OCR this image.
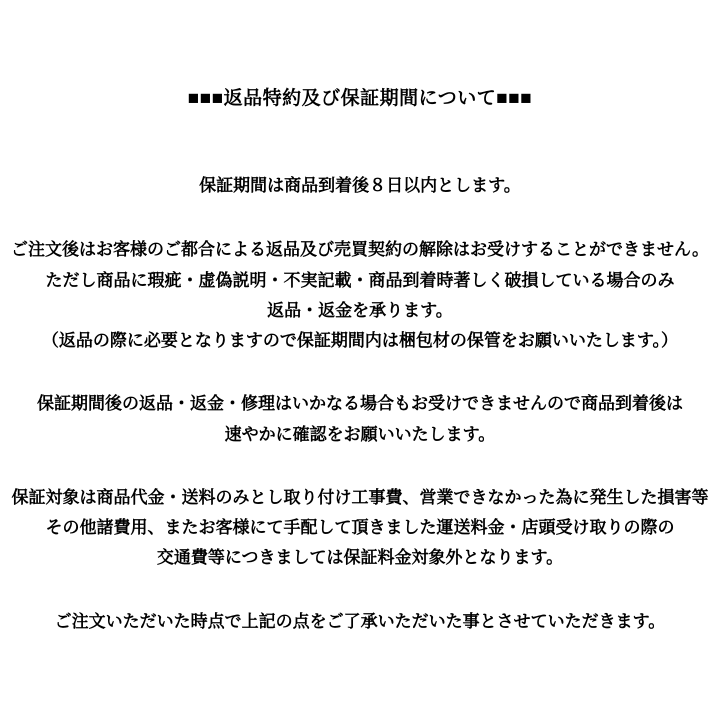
■■■返品特約及び保証期間について■■■
保証期間は商品到着後８日以内とします。
ご注文後はお客様のご都合による返品及び売買契約の解除はお受けすることができません。
ただし商品に瑕疵・虚偽説明・不実記載・商品到着時著しく破損している場合のみ
返品・返金を承ります。
（返品の際に必要となりますので保証期間内は梱包材の保管をお願いいたします。）
保証期間後の返品・返金・修理はいかなる場合もお受けできませんので商品到着後は
速やかに確認をお願いいたします。
保証対象は商品代金・送料のみとし取り付け工事費、営業できなかった為に発生した損害等
その他諸費用、またお客様にて手配して頂きました運送料金・店頭受け取りの際の
交通費等につきましては保証料金対象外となります。
ご注文いただいた時点で上記の点をご了承いただいた事とさせていただきます。
